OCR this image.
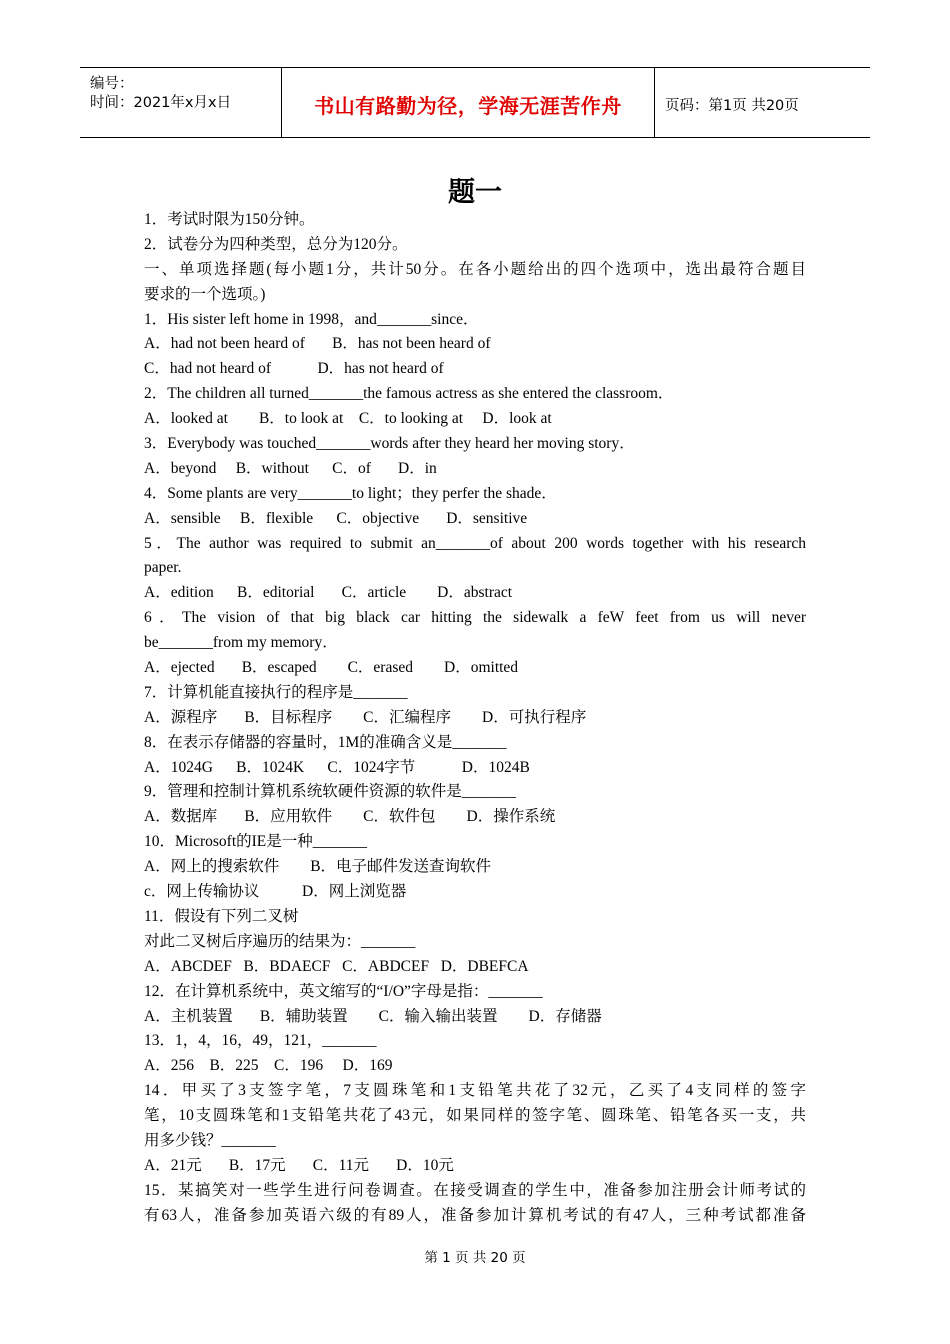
编号：
时间：2021年x月x日	书山有路勤为径，学海无涯苦作舟	页码：第1页 共20页
题一
1．考试时限为150分钟。
2．试卷分为四种类型，总分为120分。
一、单项选择题(每小题1分，共计50分。在各小题给出的四个选项中，选出最符合题目
要求的一个选项。)
1．His sister left home in 1998，and_______since．
A．had not been heard of       B．has not been heard of
C．had not heard of            D．has not heard of
2．The children all turned_______the famous actress as she entered the classroom．
A．looked at        B．to look at    C．to looking at     D．look at
3．Everybody was touched_______words after they heard her moving story．
A．beyond     B．without      C．of       D．in
4．Some plants are very_______to light；they perfer the shade．
A．sensible     B．flexible      C．objective       D．sensitive
5．The author was required to submit an_______of about 200 words together with his research
paper.
A．edition      B．editorial       C．article        D．abstract
6．The vision of that big black car hitting the sidewalk a feW feet from us will never
be_______from my memory．
A．ejected       B．escaped        C．erased        D．omitted
7．计算机能直接执行的程序是_______
A．源程序       B．目标程序        C．汇编程序        D．可执行程序
8．在表示存储器的容量时，1M的准确含义是_______
A．1024G      B．1024K      C．1024字节            D．1024B
9．管理和控制计算机系统软硬件资源的软件是_______
A．数据库       B．应用软件        C．软件包        D．操作系统
10．Microsoft的IE是一种_______
A．网上的搜索软件        B．电子邮件发送查询软件
c．网上传输协议           D．网上浏览器
11．假设有下列二叉树
对此二叉树后序遍历的结果为：_______
A．ABCDEF   B．BDAECF   C．ABDCEF   D．DBEFCA
12．在计算机系统中，英文缩写的“I/O”字母是指：_______
A．主机装置       B．辅助装置        C．输入输出装置        D．存储器
13．1，4，16，49，121，_______
A．256    B．225    C．196     D．169
14．甲买了3支签字笔，7支圆珠笔和1支铅笔共花了32元，乙买了4支同样的签字
笔，10支圆珠笔和1支铅笔共花了43元，如果同样的签字笔、圆珠笔、铅笔各买一支，共
用多少钱？_______
A．21元       B．17元       C．11元       D．10元
15．某搞笑对一些学生进行问卷调查。在接受调查的学生中，准备参加注册会计师考试的
有63人，准备参加英语六级的有89人，准备参加计算机考试的有47人，三种考试都准备
第 1 页 共 20 页
